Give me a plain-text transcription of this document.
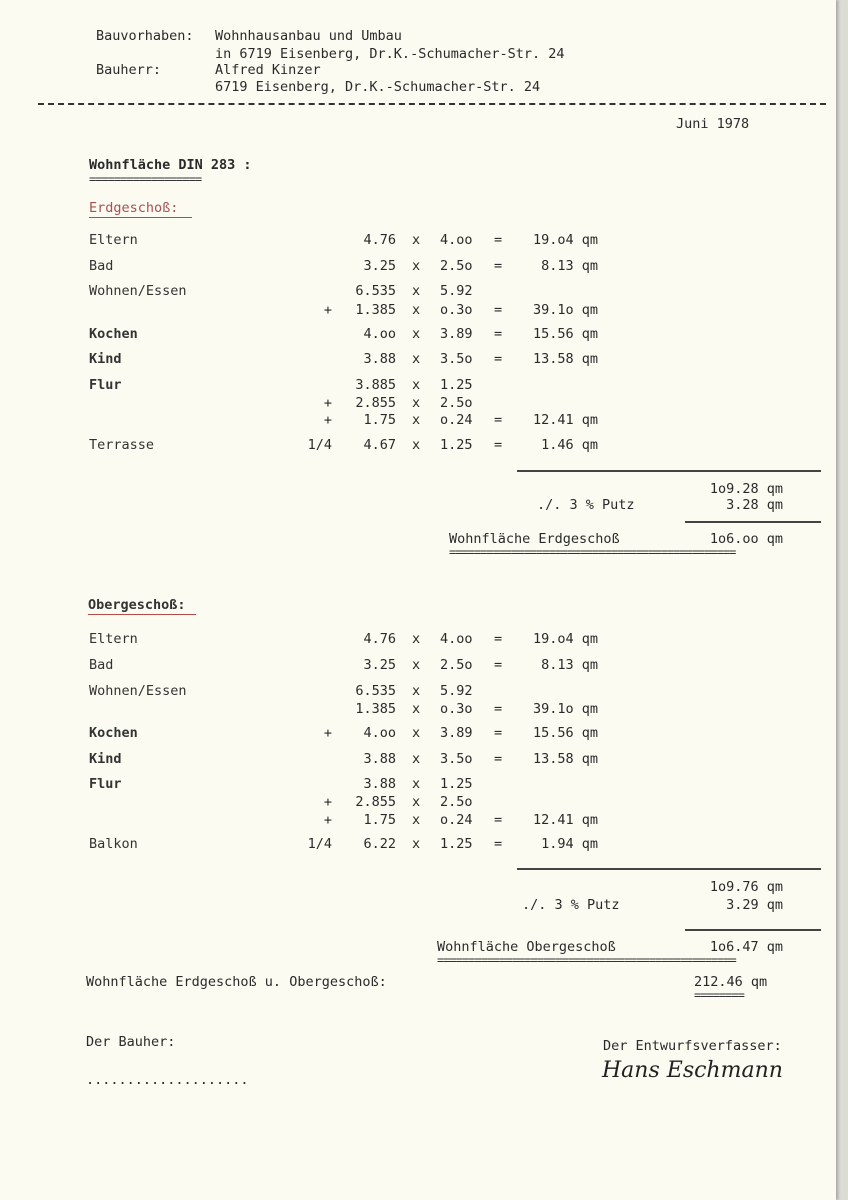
Bauvorhaben: Wohnhausanbau und Umbau
in 6719 Eisenberg, Dr.K.-Schumacher-Str. 24
Bauherr:	Alfred Kinzer
6719 Eisenberg, Dr.K.-Schumacher-Str. 24
Juni 1978
Wohnfläche DIN 283 :
==================
Erdgeschoß:
Eltern	4.76 x 4.oo =	19.o4 qm
Bad	3.25 x 2.5o =	8.13 qm
Wohnen/Essen	6.535 x 5.92
+	1.385 x o.3o =	39.1o qm
Kochen	4.oo x 3.89 =	15.56 qm
Kind	3.88 x 3.5o =	13.58 qm
Flur	3.885 x 1.25
+	2.855 x 2.5o
+	1.75 x o.24 =	12.41 qm
Terrasse	1/4	4.67 x 1.25 =	1.46 qm
1o9.28 qm
./. 3 % Putz	3.28 qm
Wohnfläche Erdgeschoß	1o6.oo qm
==============================================
Obergeschoß:
Eltern	4.76 x 4.oo =	19.o4 qm
Bad	3.25 x 2.5o =	8.13 qm
Wohnen/Essen	6.535 x 5.92
1.385 x o.3o =	39.1o qm
Kochen	+	4.oo x 3.89 =	15.56 qm
Kind	3.88 x 3.5o =	13.58 qm
Flur	3.88 x 1.25
+	2.855 x 2.5o
+	1.75 x o.24 =	12.41 qm
Balkon	1/4	6.22 x 1.25 =	1.94 qm
1o9.76 qm
./. 3 % Putz	3.29 qm
Wohnfläche Obergeschoß	1o6.47 qm
================================================
Wohnfläche Erdgeschoß u. Obergeschoß:	212.46 qm
========
Der Bauher:
....................
Der Entwurfsverfasser:
Hans Eschmann
